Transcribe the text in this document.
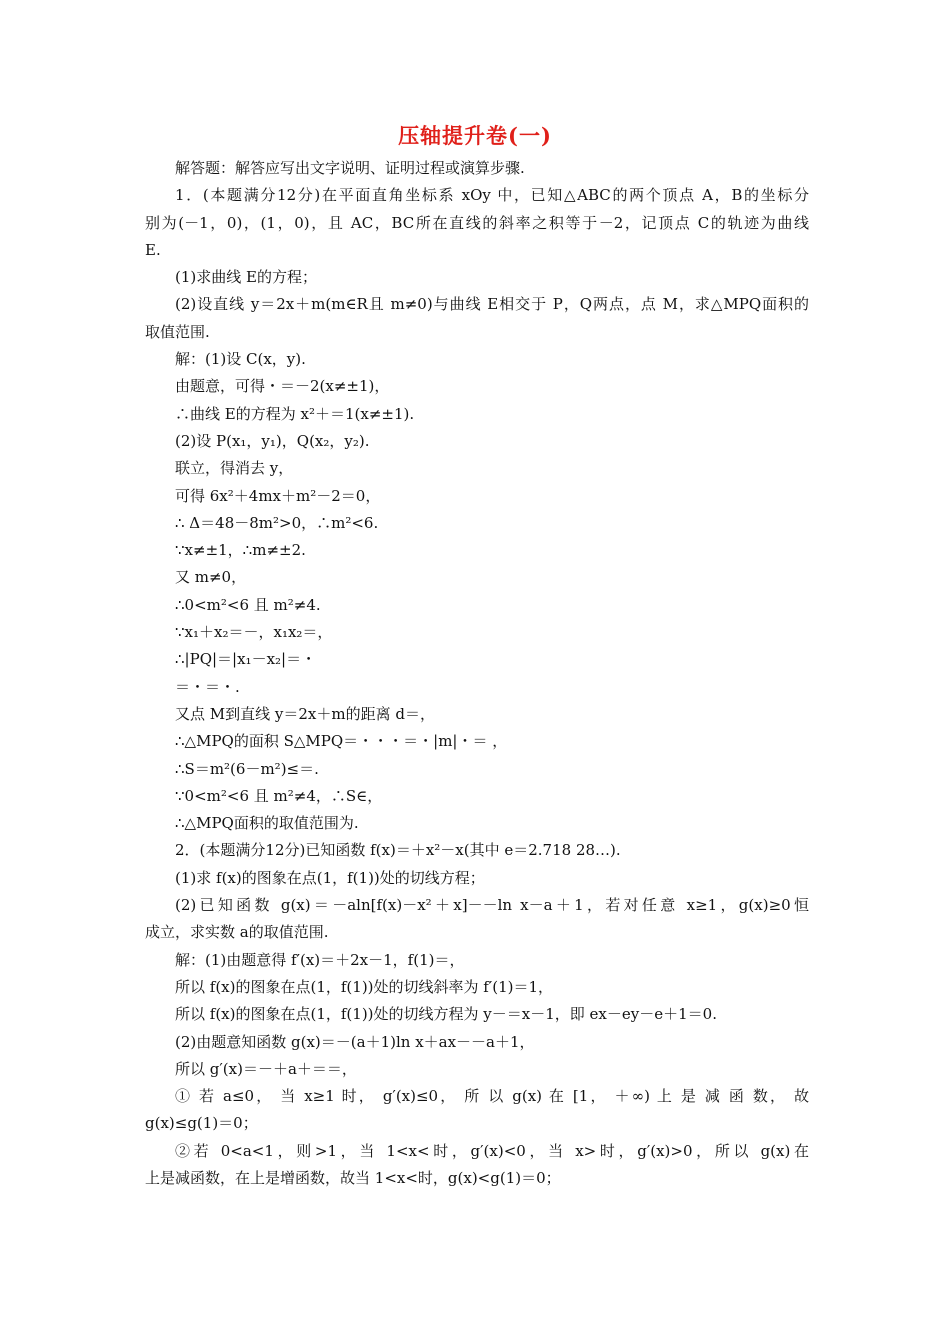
压轴提升卷(一)
解答题：解答应写出文字说明、证明过程或演算步骤.
1．(本题满分12分)在平面直角坐标系 xOy 中，已知△ABC的两个顶点 A，B的坐标分
别为(－1，0)，(1，0)，且 AC，BC所在直线的斜率之积等于－2，记顶点 C的轨迹为曲线
E.
(1)求曲线 E的方程；
(2)设直线 y＝2x＋m(m∈R且 m≠0)与曲线 E相交于 P，Q两点，点 M，求△MPQ面积的
取值范围.
解：(1)设 C(x，y).
由题意，可得・＝－2(x≠±1)，
∴曲线 E的方程为 x²＋＝1(x≠±1).
(2)设 P(x₁，y₁)，Q(x₂，y₂).
联立，得消去 y，
可得 6x²＋4mx＋m²－2＝0，
∴ Δ＝48－8m²>0，∴m²<6.
∵x≠±1，∴m≠±2.
又 m≠0，
∴0<m²<6 且 m²≠4.
∵x₁＋x₂＝－，x₁x₂＝，
∴|PQ|＝|x₁－x₂|＝・
＝・＝・.
又点 M到直线 y＝2x＋m的距离 d＝，
∴△MPQ的面积 S△MPQ＝・・・＝・|m|・＝ ，
∴S＝m²(6－m²)≤＝.
∵0<m²<6 且 m²≠4，∴S∈，
∴△MPQ面积的取值范围为.
2．(本题满分12分)已知函数 f(x)＝＋x²－x(其中 e＝2.718 28…).
(1)求 f(x)的图象在点(1，f(1))处的切线方程；
(2)已知函数 g(x)＝－aln[f(x)－x²＋x]－－ln x－a＋1，若对任意 x≥1，g(x)≥0恒
成立，求实数 a的取值范围.
解：(1)由题意得 f′(x)＝＋2x－1，f(1)＝，
所以 f(x)的图象在点(1，f(1))处的切线斜率为 f′(1)＝1，
所以 f(x)的图象在点(1，f(1))处的切线方程为 y－＝x－1，即 ex－ey－e＋1＝0.
(2)由题意知函数 g(x)＝－(a＋1)ln x＋ax－－a＋1，
所以 g′(x)＝－＋a＋＝＝，
① 若 a≤0， 当 x≥1 时， g′(x)≤0， 所 以 g(x) 在 [1， ＋∞) 上 是 减 函 数， 故
g(x)≤g(1)＝0；
②若 0<a<1，则>1，当 1<x<时，g′(x)<0，当 x>时，g′(x)>0，所以 g(x)在
上是减函数，在上是增函数，故当 1<x<时，g(x)<g(1)＝0；
